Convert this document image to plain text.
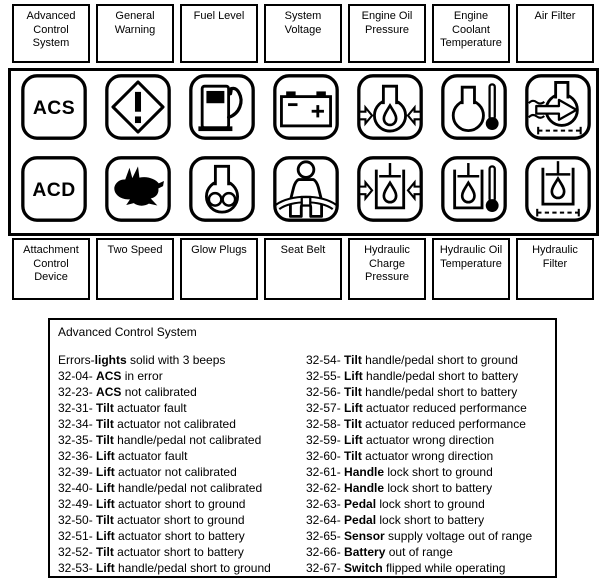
Advanced Control System
General Warning
Fuel Level	System Voltage
Engine Oil Pressure
Engine Coolant Temperature
Air Filter
ACS
ACD
Attachment Control Device
Two Speed	Glow Plugs	Seat Belt	Hydraulic Charge Pressure
Hydraulic Oil Temperature
Hydraulic Filter
Advanced Control System
Errors-lights solid with 3 beeps
32-04- ACS in error
32-23- ACS not calibrated
32-31- Tilt actuator fault
32-34- Tilt actuator not calibrated
32-35- Tilt handle/pedal not calibrated
32-36- Lift actuator fault
32-39- Lift actuator not calibrated
32-40- Lift handle/pedal not calibrated
32-49- Lift actuator short to ground
32-50- Tilt actuator short to ground
32-51- Lift actuator short to battery
32-52- Tilt actuator short to battery
32-53- Lift handle/pedal short to ground
32-54- Tilt handle/pedal short to ground
32-55- Lift handle/pedal short to battery
32-56- Tilt handle/pedal short to battery
32-57- Lift actuator reduced performance
32-58- Tilt actuator reduced performance
32-59- Lift actuator wrong direction
32-60- Tilt actuator wrong direction
32-61- Handle lock short to ground
32-62- Handle lock short to battery
32-63- Pedal lock short to ground
32-64- Pedal lock short to battery
32-65- Sensor supply voltage out of range
32-66- Battery out of range
32-67- Switch flipped while operating
